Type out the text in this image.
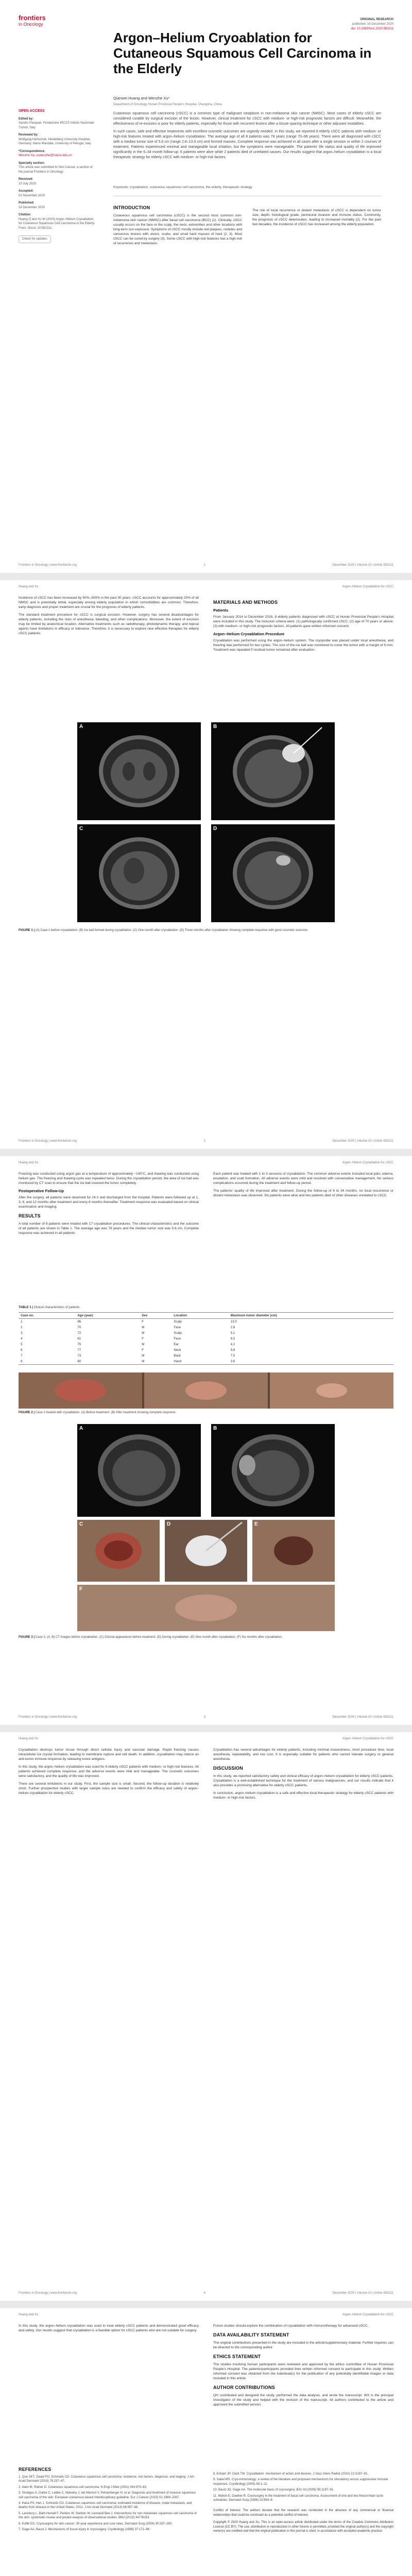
frontiers
in Oncology
ORIGINAL RESEARCH
published: 16 December 2020
doi: 10.3389/fonc.2020.582211
Argon–Helium Cryoablation for Cutaneous Squamous Cell Carcinoma in the Elderly
Qianwei Huang and Wenzhe Xu*
Department of Oncology, Hunan Provincial People's Hospital, Changsha, China

Cutaneous squamous cell carcinoma (cSCC) is a common type of malignant neoplasm in non-melanoma skin cancer (NMSC). Most cases of elderly cSCC are considered curable by surgical excision of the lesion. However, clinical treatment for cSCC with medium- or high-risk prognostic factors are difficult. Meanwhile, the effectiveness of re-excision is poor for elderly patients, especially for those with recurrent lesions after a tissue-sparing technique or other adjuvant modalities.

In such cases, safe and effective treatments with excellent cosmetic outcomes are urgently needed. In this study, we reported 8 elderly cSCC patients with medium- or high-risk features treated with argon–helium cryoablation. The average age of all 8 patients was 78 years (range 70–96 years). There were all diagnosed with cSCC with a median tumor size of 5.6 cm (range 2.8–13.0 cm) and formed masses. Complete response was achieved in all cases after a single session or within 2 courses of treatment. Patients experienced minimal and manageable local irritation, but the symptoms were manageable. The patients' life status and quality of life improved significantly in the 6–34 month follow-up; 6 patients were alive while 2 patients died of unrelated causes. Our results suggest that argon–helium cryoablation is a local therapeutic strategy for elderly cSCC with medium- or high-risk factors.

Keywords: cryoablation, cutaneous squamous cell carcinoma, the elderly, therapeutic strategy
OPEN ACCESS
Edited by:
Sandro Pasquali, Fondazione IRCCS Istituto Nazionale Tumori, Italy
Reviewed by:
Wolfgang Hartschuh, Heidelberg University Hospital, Germany; Mario Mandalà, University of Perugia, Italy
*Correspondence:
Wenzhe Xu, xuwenzhe@hunnu.edu.cn
Specialty section:
This article was submitted to Skin Cancer, a section of the journal Frontiers in Oncology
Received:
10 July 2020
Accepted:
02 November 2020
Published:
16 December 2020
Citation:
Huang Q and Xu W (2020) Argon–Helium Cryoablation for Cutaneous Squamous Cell Carcinoma in the Elderly. Front. Oncol. 10:582211.
Check for updates
INTRODUCTION

Cutaneous squamous cell carcinoma (cSCC) is the second most common non-melanoma skin cancer (NMSC) after basal cell carcinoma (BCC) (1). Clinically, cSCC usually occurs on the face or the scalp, the neck, extremities and other locations with long-term sun exposure. Symptoms of cSCC mostly include red plaques, nodules and cancerous lesions with ulcers, scabs, and small hard masses of hard (2, 3). Most cSCC can be cured by surgery (3). Some cSCC with high-risk features has a high risk of recurrence and metastasis.

The risk of local recurrence or distant metastasis of cSCC is dependent on tumor size, depth, histological grade, perineural invasion and immune status. Commonly, the prognosis of cSCC deteriorates, leading to increased mortality (2). For the past two decades, the incidence of cSCC has increased among the elderly population.

Frontiers in Oncology | www.frontiersin.org	1	December 2020 | Volume 10 | Article 582211
Huang and Xu	Argon–Helium Cryoablation for cSCC

incidence of cSCC has been increased by 50%–300% in the past 30 years. cSCC accounts for approximately 20% of all NMSC and is potentially lethal, especially among elderly population in which comorbidities are common. Therefore, early diagnosis and proper treatment are crucial for the prognosis of elderly patients.

The standard treatment procedure for cSCC is surgical excision. However, surgery has several disadvantages for elderly patients, including the risks of anesthesia, bleeding, and other complications. Moreover, the extent of excision may be limited by anatomical location. Alternative treatments such as radiotherapy, photodynamic therapy, and topical agents have limitations in efficacy or tolerance. Therefore, it is necessary to explore new effective therapies for elderly cSCC patients.

MATERIALS AND METHODS
Patients

From January 2014 to December 2018, 8 elderly patients diagnosed with cSCC at Hunan Provincial People's Hospital were included in this study. The inclusion criteria were: (1) pathologically confirmed cSCC; (2) age of 70 years or above; (3) with medium- or high-risk prognostic factors. All patients gave written informed consent.

Argon–Helium Cryoablation Procedure

Cryoablation was performed using the argon–helium system. The cryoprobe was placed under local anesthesia, and freezing was performed for two cycles. The size of the ice ball was monitored to cover the tumor with a margin of 5 mm. Treatment was repeated if residual tumor remained after evaluation.

A	B
C	D
FIGURE 1 | (A) Case 1 before cryoablation. (B) Ice ball formed during cryoablation. (C) One month after cryoablation. (D) Three months after cryoablation showing complete response with good cosmetic outcome.
Frontiers in Oncology | www.frontiersin.org	2	December 2020 | Volume 10 | Article 582211
Huang and Xu	Argon–Helium Cryoablation for cSCC

Freezing was conducted using argon gas at a temperature of approximately −140°C, and thawing was conducted using helium gas. The freezing and thawing cycle was repeated twice. During the cryoablation period, the area of ice ball was monitored by CT scan to ensure that the ice ball covered the tumor completely.

Postoperative Follow-Up

After the surgery, all patients were observed for 24 h and discharged from the hospital. Patients were followed up at 1, 3, 6, and 12 months after treatment and every 6 months thereafter. Treatment response was evaluated based on clinical examination and imaging.

RESULTS

A total number of 8 patients were treated with 17 cryoablation procedures. The clinical characteristics and the outcome of all patients are shown in Table 1. The average age was 78 years and the median tumor size was 5.6 cm. Complete response was achieved in all patients.

Each patient was treated with 1 to 3 sessions of cryoablation. The common adverse events included local pain, edema, exudation, and scab formation. All adverse events were mild and resolved with conservative management. No serious complications occurred during the treatment and follow-up period.

The patients' quality of life improved after treatment. During the follow-up of 6 to 34 months, no local recurrence or distant metastasis was observed. Six patients were alive and two patients died of other diseases unrelated to cSCC.

TABLE 1 | Clinical characteristics of patients.
Case no.	Age (year)	Sex	Location	Maximum tumor diameter (cm)
1	96	F	Scalp	13.0
2	70	M	Face	2.8
3	72	M	Scalp	5.1
4	81	F	Face	6.0
5	75	M	Ear	4.2
6	77	F	Neck	5.8
7	73	M	Back	7.5
8	80	M	Hand	3.6
FIGURE 2 | Case 2 treated with cryoablation. (A) Before treatment. (B) After treatment showing complete response.
A	B
C	D	E
F
FIGURE 3 | Case 3. (A, B) CT images before cryoablation. (C) Clinical appearance before treatment. (D) During cryoablation. (E) One month after cryoablation. (F) Six months after cryoablation.
Frontiers in Oncology | www.frontiersin.org	3	December 2020 | Volume 10 | Article 582211
Huang and Xu	Argon–Helium Cryoablation for cSCC

Cryoablation destroys tumor tissue through direct cellular injury and vascular damage. Rapid freezing causes intracellular ice crystal formation, leading to membrane rupture and cell death. In addition, cryoablation may induce an anti-tumor immune response by releasing tumor antigens.

In this study, the argon–helium cryoablation was used for 8 elderly cSCC patients with medium- or high-risk features. All patients achieved complete response, and the adverse events were mild and manageable. The cosmetic outcomes were satisfactory, and the quality of life was improved.

There are several limitations in our study. First, the sample size is small. Second, the follow-up duration is relatively short. Further prospective studies with larger sample sizes are needed to confirm the efficacy and safety of argon–helium cryoablation for elderly cSCC.

Cryoablation has several advantages for elderly patients, including minimal invasiveness, short procedure time, local anesthesia, repeatability, and low cost. It is especially suitable for patients who cannot tolerate surgery or general anesthesia.

DISCUSSION

In this study, we reported satisfactory safety and clinical efficacy of argon–helium cryoablation for elderly cSCC patients. Cryoablation is a well-established technique for the treatment of various malignancies, and our results indicate that it also provides a promising alternative for elderly cSCC patients.

In conclusion, argon–helium cryoablation is a safe and effective local therapeutic strategy for elderly cSCC patients with medium- or high-risk factors.

Frontiers in Oncology | www.frontiersin.org	4	December 2020 | Volume 10 | Article 582211
Huang and Xu	Argon–Helium Cryoablation for cSCC

In this study, the argon–helium cryoablation was used to treat elderly cSCC patients and demonstrated good efficacy and safety. Our results suggest that cryoablation is a feasible option for cSCC patients who are not suitable for surgery.

Future studies should explore the combination of cryoablation with immunotherapy for advanced cSCC.

DATA AVAILABILITY STATEMENT

The original contributions presented in the study are included in the article/supplementary material. Further inquiries can be directed to the corresponding author.

ETHICS STATEMENT

The studies involving human participants were reviewed and approved by the ethics committee of Hunan Provincial People's Hospital. The patients/participants provided their written informed consent to participate in this study. Written informed consent was obtained from the individual(s) for the publication of any potentially identifiable images or data included in this article.

AUTHOR CONTRIBUTIONS

QH contributed and designed the study, performed the data analysis, and wrote the manuscript. WX is the principal investigator of the study and helped with the revision of the manuscript. All authors contributed to the article and approved the submitted version.

REFERENCES
1. Que SKT, Zwald FO, Schmults CD. Cutaneous squamous cell carcinoma: incidence, risk factors, diagnosis, and staging. J Am Acad Dermatol (2018) 78:237–47.
2. Alam M, Ratner D. Cutaneous squamous-cell carcinoma. N Engl J Med (2001) 344:975–83.
3. Stratigos A, Garbe C, Lebbe C, Malvehy J, del Marmol V, Pehamberger H, et al. Diagnosis and treatment of invasive squamous cell carcinoma of the skin: European consensus-based interdisciplinary guideline. Eur J Cancer (2015) 51:1989–2007.
4. Karia PS, Han J, Schmults CD. Cutaneous squamous cell carcinoma: estimated incidence of disease, nodal metastasis, and deaths from disease in the United States, 2012. J Am Acad Dermatol (2013) 68:957–66.
5. Lansbury L, Bath-Hextall F, Perkins W, Stanton W, Leonardi-Bee J. Interventions for non-metastatic squamous cell carcinoma of the skin: systematic review and pooled analysis of observational studies. BMJ (2013) 347:f6153.
6. Kuflik EG. Cryosurgery for skin cancer: 30-year experience and cure rates. Dermatol Surg (2004) 30:297–300.
7. Gage AA, Baust J. Mechanisms of tissue injury in cryosurgery. Cryobiology (1998) 37:171–86.
8. Erinjeri JP, Clark TW. Cryoablation: mechanism of action and devices. J Vasc Interv Radiol (2010) 21:S187–91.
9. Sabel MS. Cryo-immunology: a review of the literature and proposed mechanisms for stimulatory versus suppressive immune responses. Cryobiology (2009) 58:1–11.
10. Baust JG, Gage AA. The molecular basis of cryosurgery. BJU Int (2005) 95:1187–91.
11. Mallon E, Dawber R. Cryosurgery in the treatment of basal cell carcinoma. Assessment of one and two freeze-thaw cycle schedules. Dermatol Surg (1996) 22:854–8.

Conflict of Interest: The authors declare that the research was conducted in the absence of any commercial or financial relationships that could be construed as a potential conflict of interest.

Copyright © 2020 Huang and Xu. This is an open-access article distributed under the terms of the Creative Commons Attribution License (CC BY). The use, distribution or reproduction in other forums is permitted, provided the original author(s) and the copyright owner(s) are credited and that the original publication in this journal is cited, in accordance with accepted academic practice.
